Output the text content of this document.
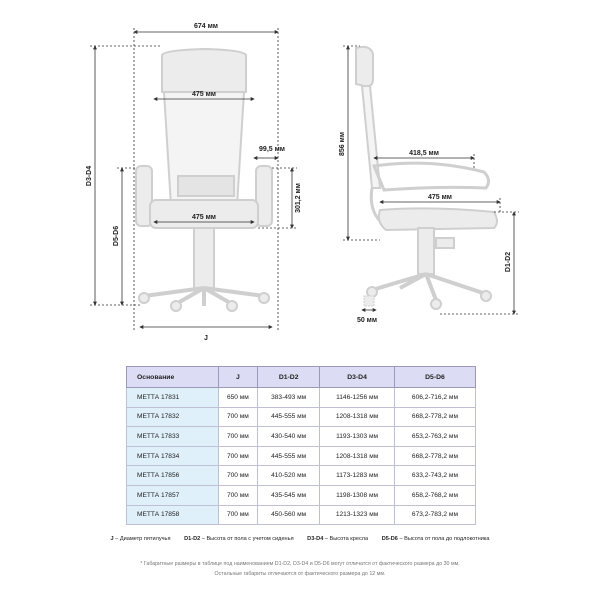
674 мм
475 мм
475 мм
99,5 мм
D3-D4
D5-D6
301,2 мм
J
856 мм	418,5 мм
475 мм
D1-D2
50 мм
Основание	J	D1-D2	D3-D4	D5-D6
МЕТТА 17831	650 мм	383-493 мм	1146-1256 мм	606,2-716,2 мм
МЕТТА 17832	700 мм	445-555 мм	1208-1318 мм	668,2-778,2 мм
МЕТТА 17833	700 мм	430-540 мм	1193-1303 мм	653,2-763,2 мм
МЕТТА 17834	700 мм	445-555 мм	1208-1318 мм	668,2-778,2 мм
МЕТТА 17856	700 мм	410-520 мм	1173-1283 мм	633,2-743,2 мм
МЕТТА 17857	700 мм	435-545 мм	1198-1308 мм	658,2-768,2 мм
МЕТТА 17858	700 мм	450-560 мм	1213-1323 мм	673,2-783,2 мм
J – Диаметр пятилучья D1-D2 – Высота от пола с учетом сиденья D3-D4 – Высота кресла D5-D6 – Высота от пола до подлокотника
* Габаритные размеры в таблице под наименованием D1-D2, D3-D4 и D5-D6 могут отличатся от фактического размера до 30 мм.
Остальные габариты отличаются от фактического размера до 12 мм.
